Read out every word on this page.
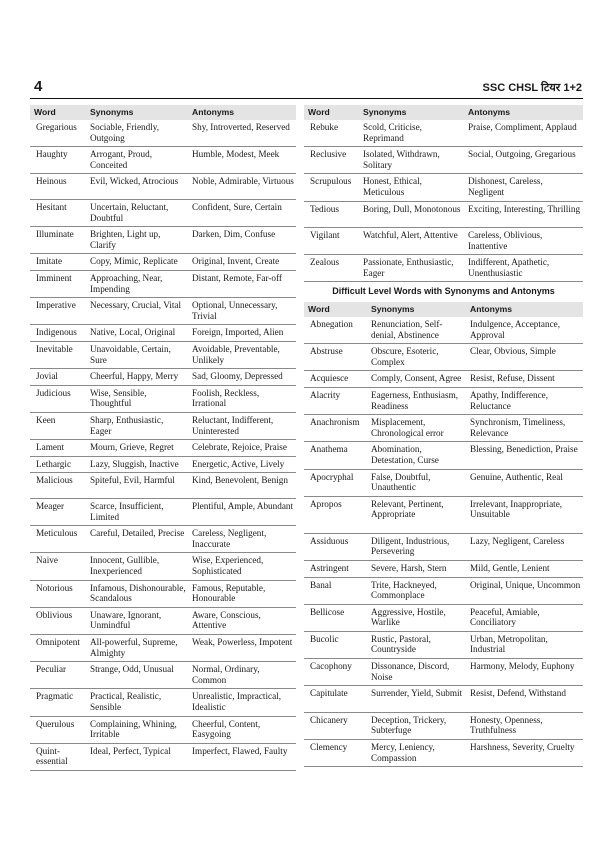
4	SSC CHSL टियर 1+2
Word	Synonyms	Antonyms
Gregarious	Sociable, Friendly, Outgoing	Shy, Introverted, Reserved
Haughty	Arrogant, Proud, Conceited	Humble, Modest, Meek
Heinous	Evil, Wicked, Atrocious	Noble, Admirable, Virtuous
Hesitant	Uncertain, Reluctant, Doubtful	Confident, Sure, Certain
Illuminate	Brighten, Light up, Clarify	Darken, Dim, Confuse
Imitate	Copy, Mimic, Replicate	Original, Invent, Create
Imminent	Approaching, Near, Impending	Distant, Remote, Far-off
Imperative	Necessary, Crucial, Vital	Optional, Unnecessary, Trivial
Indigenous	Native, Local, Original	Foreign, Imported, Alien
Inevitable	Unavoidable, Certain, Sure	Avoidable, Preventable, Unlikely
Jovial	Cheerful, Happy, Merry	Sad, Gloomy, Depressed
Judicious	Wise, Sensible, Thoughtful	Foolish, Reckless, Irrational
Keen	Sharp, Enthusiastic, Eager	Reluctant, Indifferent, Uninterested
Lament	Mourn, Grieve, Regret	Celebrate, Rejoice, Praise
Lethargic	Lazy, Sluggish, Inactive	Energetic, Active, Lively
Malicious	Spiteful, Evil, Harmful	Kind, Benevolent, Benign
Meager	Scarce, Insufficient, Limited	Plentiful, Ample, Abundant
Meticulous	Careful, Detailed, Precise	Careless, Negligent, Inaccurate
Naive	Innocent, Gullible, Inexperienced	Wise, Experienced, Sophisticated
Notorious	Infamous, Dishonourable, Scandalous	Famous, Reputable, Honourable
Oblivious	Unaware, Ignorant, Unmindful	Aware, Conscious, Attentive
Omnipotent	All-powerful, Supreme, Almighty	Weak, Powerless, Impotent
Peculiar	Strange, Odd, Unusual	Normal, Ordinary, Common
Pragmatic	Practical, Realistic, Sensible	Unrealistic, Impractical, Idealistic
Querulous	Complaining, Whining, Irritable	Cheerful, Content, Easygoing
Quint-essential	Ideal, Perfect, Typical	Imperfect, Flawed, Faulty
Word	Synonyms	Antonyms
Rebuke	Scold, Criticise, Reprimand	Praise, Compliment, Applaud
Reclusive	Isolated, Withdrawn, Solitary	Social, Outgoing, Gregarious
Scrupulous	Honest, Ethical, Meticulous	Dishonest, Careless, Negligent
Tedious	Boring, Dull, Monotonous	Exciting, Interesting, Thrilling
Vigilant	Watchful, Alert, Attentive	Careless, Oblivious, Inattentive
Zealous	Passionate, Enthusiastic, Eager	Indifferent, Apathetic, Unenthusiastic
Difficult Level Words with Synonyms and Antonyms
Word	Synonyms	Antonyms
Abnegation	Renunciation, Self-denial, Abstinence	Indulgence, Acceptance, Approval
Abstruse	Obscure, Esoteric, Complex	Clear, Obvious, Simple
Acquiesce	Comply, Consent, Agree	Resist, Refuse, Dissent
Alacrity	Eagerness, Enthusiasm, Readiness	Apathy, Indifference, Reluctance
Anachronism	Misplacement, Chronological error	Synchronism, Timeliness, Relevance
Anathema	Abomination, Detestation, Curse	Blessing, Benediction, Praise
Apocryphal	False, Doubtful, Unauthentic	Genuine, Authentic, Real
Apropos	Relevant, Pertinent, Appropriate	Irrelevant, Inappropriate, Unsuitable
Assiduous	Diligent, Industrious, Persevering	Lazy, Negligent, Careless
Astringent	Severe, Harsh, Stern	Mild, Gentle, Lenient
Banal	Trite, Hackneyed, Commonplace	Original, Unique, Uncommon
Bellicose	Aggressive, Hostile, Warlike	Peaceful, Amiable, Conciliatory
Bucolic	Rustic, Pastoral, Countryside	Urban, Metropolitan, Industrial
Cacophony	Dissonance, Discord, Noise	Harmony, Melody, Euphony
Capitulate	Surrender, Yield, Submit	Resist, Defend, Withstand
Chicanery	Deception, Trickery, Subterfuge	Honesty, Openness, Truthfulness
Clemency	Mercy, Leniency, Compassion	Harshness, Severity, Cruelty
